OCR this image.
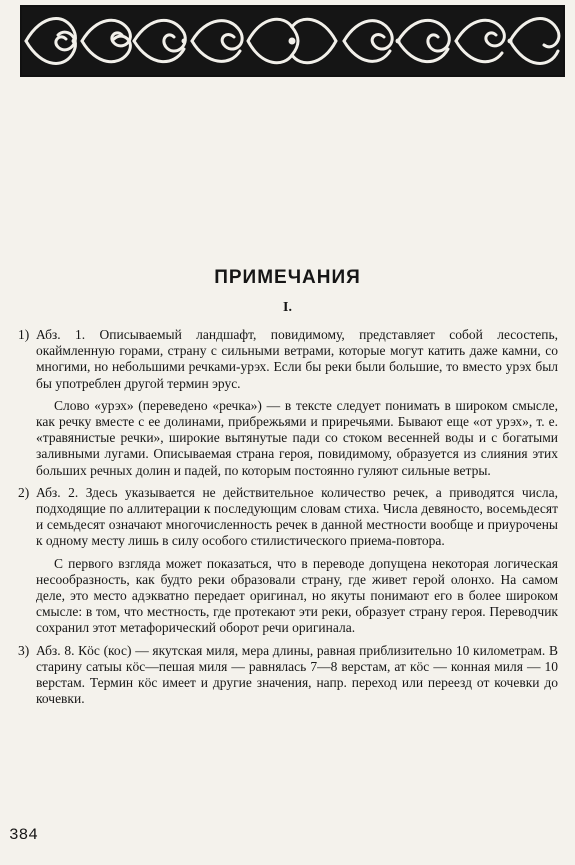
ПРИМЕЧАНИЯ
I.
1) Абз. 1. Описываемый ландшафт, повидимому, представляет собой лесостепь, окаймленную горами, страну с сильными ветрами, которые могут катить даже камни, со многими, но небольшими речками-урэх. Если бы реки были большие, то вместо урэх был бы употреблен другой термин эрус.

Слово «урэх» (переведено «речка») — в тексте следует понимать в широком смысле, как речку вместе с ее долинами, прибрежьями и приречьями. Бывают еще «от урэх», т. е. «травянистые речки», широкие вытянутые пади со стоком весенней воды и с богатыми заливными лугами. Описываемая страна героя, повидимому, образуется из слияния этих больших речных долин и падей, по которым постоянно гуляют сильные ветры.

2) Абз. 2. Здесь указывается не действительное количество речек, а приводятся числа, подходящие по аллитерации к последующим словам стиха. Числа девяносто, восемьдесят и семьдесят означают многочисленность речек в данной местности вообще и приурочены к одному месту лишь в силу особого стилистического приема-повтора.

С первого взгляда может показаться, что в переводе допущена некоторая логическая несообразность, как будто реки образовали страну, где живет герой олонхо. На самом деле, это место адэкватно передает оригинал, но якуты понимают его в более широком смысле: в том, что местность, где протекают эти реки, образует страну героя. Переводчик сохранил этот метафорический оборот речи оригинала.

3) Абз. 8. Кӧс (кос) — якутская миля, мера длины, равная приблизительно 10 километрам. В старину сатыы кӧс—пешая миля — равнялась 7—8 верстам, ат кӧс — конная миля — 10 верстам. Термин кӧс имеет и другие значения, напр. переход или переезд от кочевки до кочевки.

384
